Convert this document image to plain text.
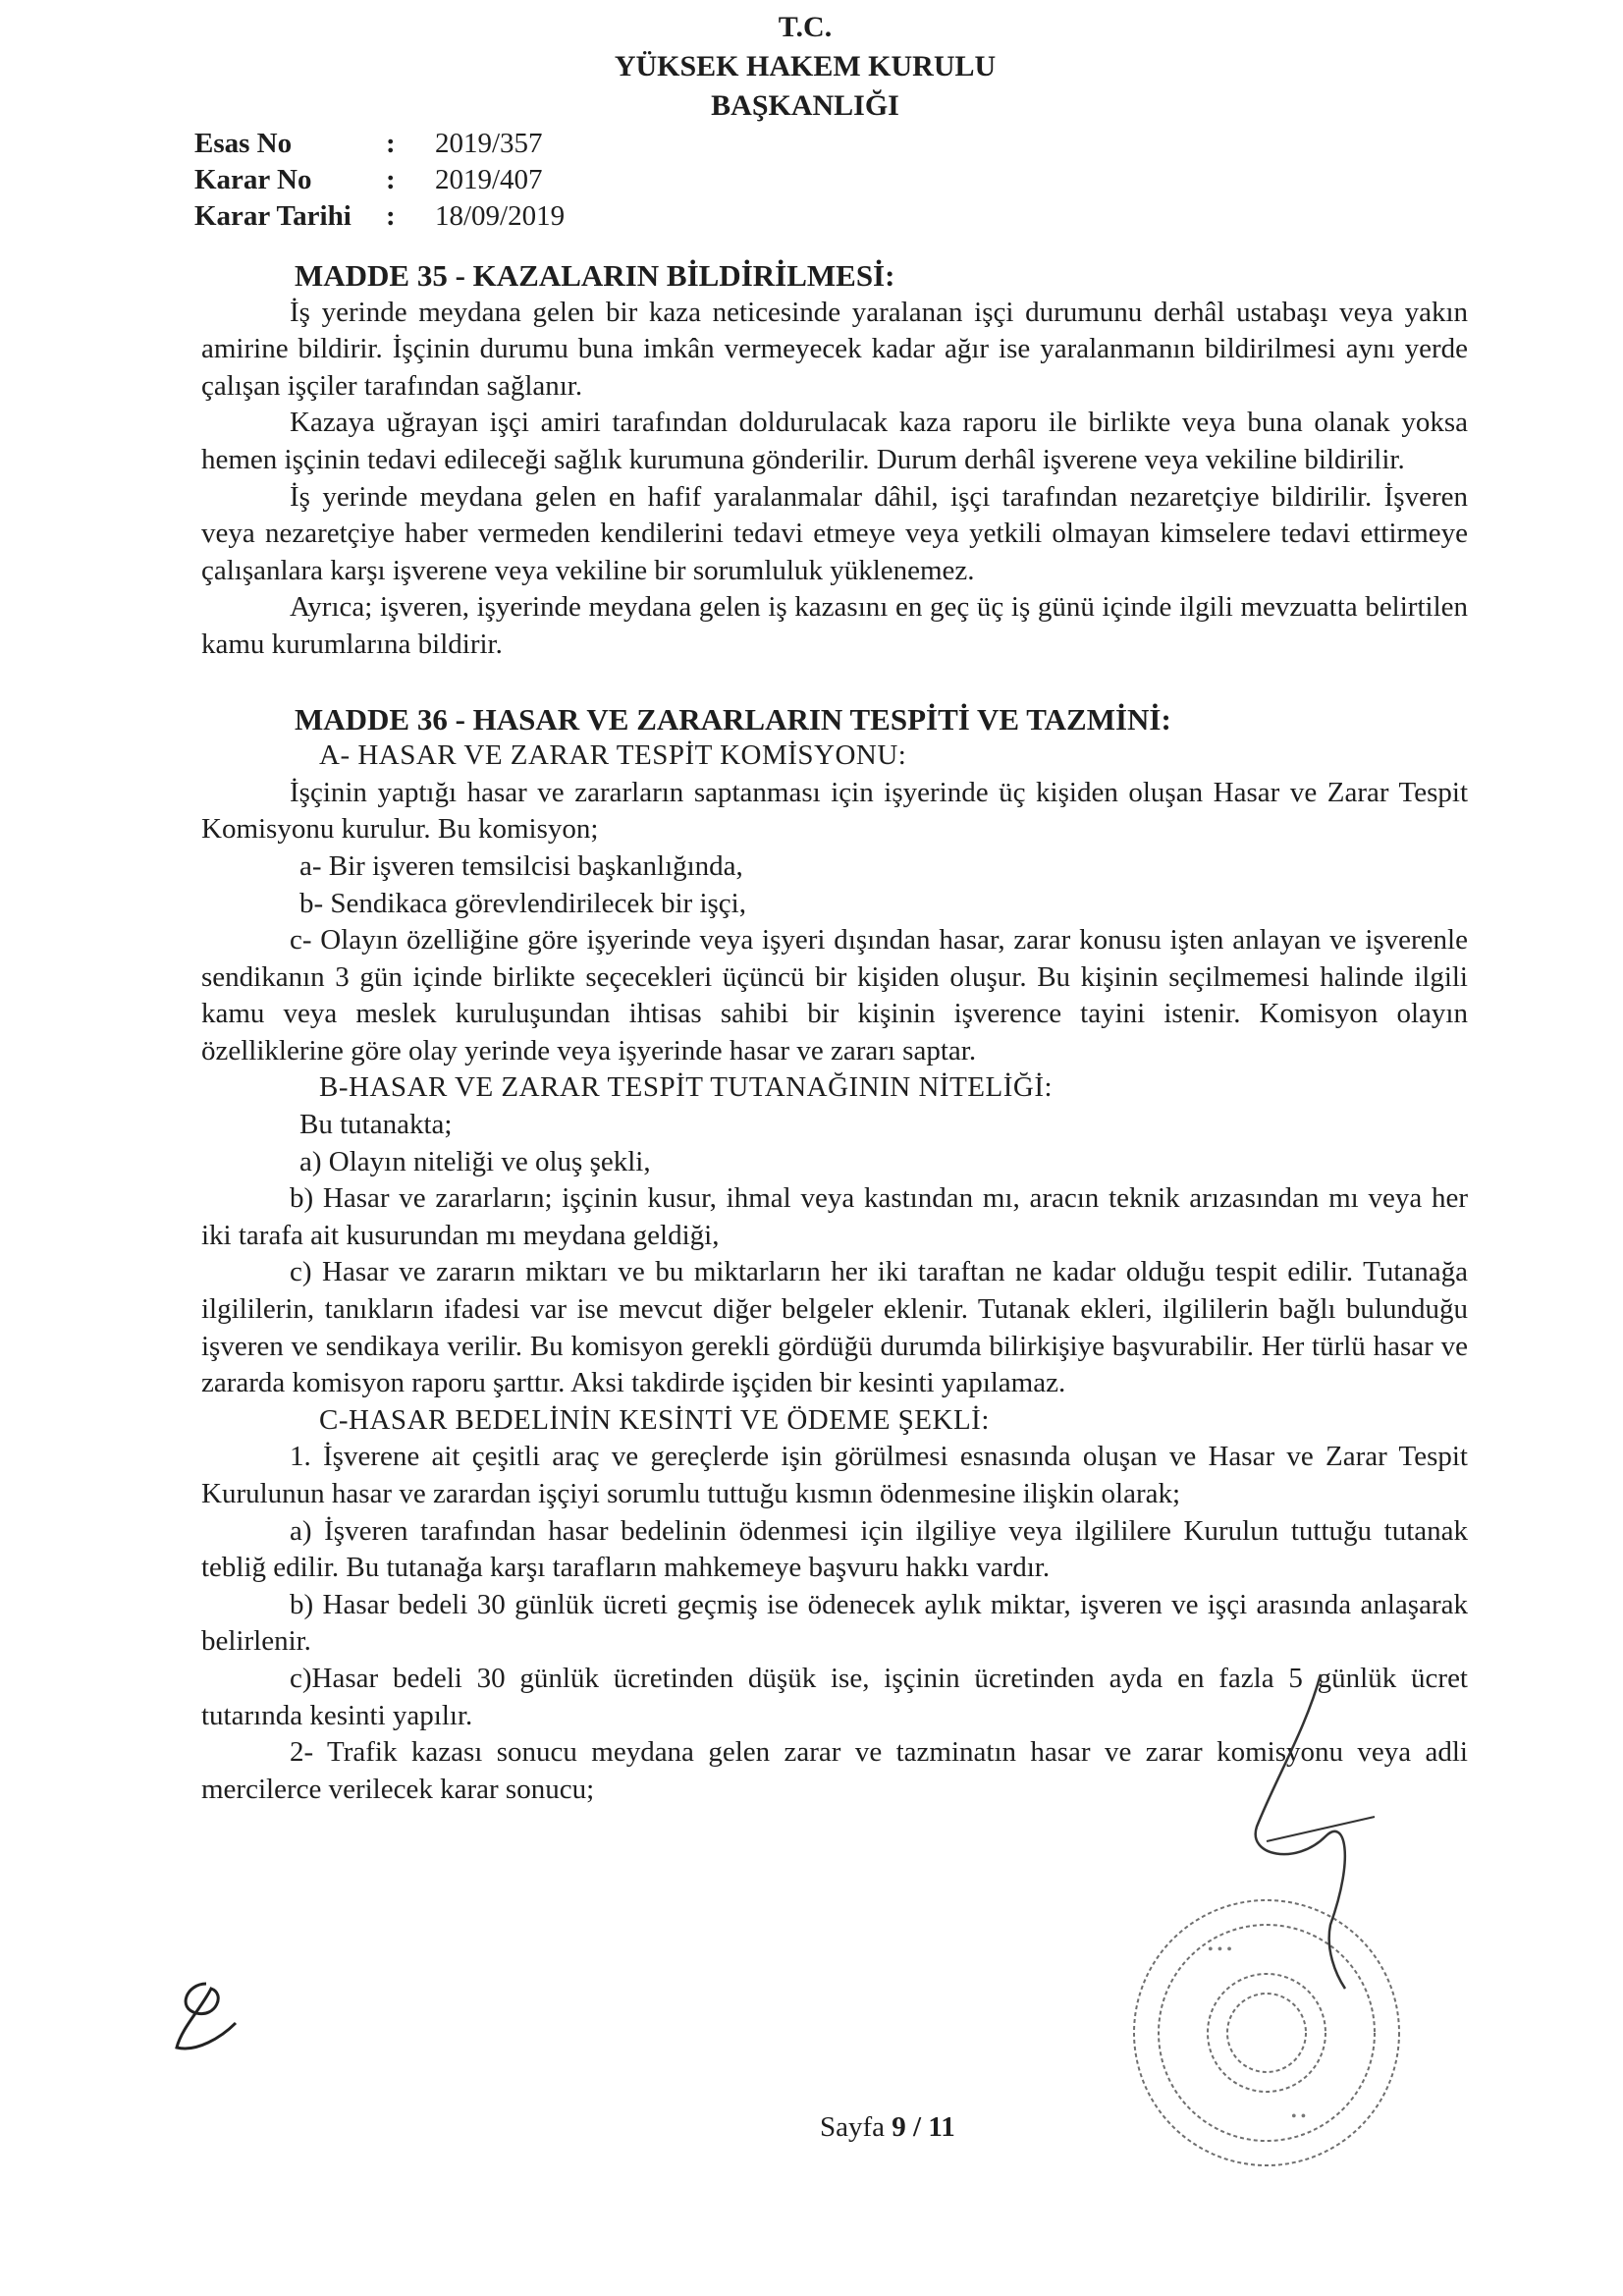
T.C.
YÜKSEK HAKEM KURULU
BAŞKANLIĞI
Esas No	:	2019/357
Karar No	:	2019/407
Karar Tarihi	:	18/09/2019

MADDE 35 - KAZALARIN BİLDİRİLMESİ:

İş yerinde meydana gelen bir kaza neticesinde yaralanan işçi durumunu derhâl ustabaşı veya yakın amirine bildirir. İşçinin durumu buna imkân vermeyecek kadar ağır ise yaralanmanın bildirilmesi aynı yerde çalışan işçiler tarafından sağlanır.

Kazaya uğrayan işçi amiri tarafından doldurulacak kaza raporu ile birlikte veya buna olanak yoksa hemen işçinin tedavi edileceği sağlık kurumuna gönderilir. Durum derhâl işverene veya vekiline bildirilir.

İş yerinde meydana gelen en hafif yaralanmalar dâhil, işçi tarafından nezaretçiye bildirilir. İşveren veya nezaretçiye haber vermeden kendilerini tedavi etmeye veya yetkili olmayan kimselere tedavi ettirmeye çalışanlara karşı işverene veya vekiline bir sorumluluk yüklenemez.

Ayrıca; işveren, işyerinde meydana gelen iş kazasını en geç üç iş günü içinde ilgili mevzuatta belirtilen kamu kurumlarına bildirir.

MADDE 36 - HASAR VE ZARARLARIN TESPİTİ VE TAZMİNİ:

A- HASAR VE ZARAR TESPİT KOMİSYONU:

İşçinin yaptığı hasar ve zararların saptanması için işyerinde üç kişiden oluşan Hasar ve Zarar Tespit Komisyonu kurulur. Bu komisyon;

a- Bir işveren temsilcisi başkanlığında,

b- Sendikaca görevlendirilecek bir işçi,

c- Olayın özelliğine göre işyerinde veya işyeri dışından hasar, zarar konusu işten anlayan ve işverenle sendikanın 3 gün içinde birlikte seçecekleri üçüncü bir kişiden oluşur. Bu kişinin seçilmemesi halinde ilgili kamu veya meslek kuruluşundan ihtisas sahibi bir kişinin işverence tayini istenir. Komisyon olayın özelliklerine göre olay yerinde veya işyerinde hasar ve zararı saptar.

B-HASAR VE ZARAR TESPİT TUTANAĞININ NİTELİĞİ:

Bu tutanakta;

a) Olayın niteliği ve oluş şekli,

b) Hasar ve zararların; işçinin kusur, ihmal veya kastından mı, aracın teknik arızasından mı veya her iki tarafa ait kusurundan mı meydana geldiği,

c) Hasar ve zararın miktarı ve bu miktarların her iki taraftan ne kadar olduğu tespit edilir. Tutanağa ilgililerin, tanıkların ifadesi var ise mevcut diğer belgeler eklenir. Tutanak ekleri, ilgililerin bağlı bulunduğu işveren ve sendikaya verilir. Bu komisyon gerekli gördüğü durumda bilirkişiye başvurabilir. Her türlü hasar ve zararda komisyon raporu şarttır. Aksi takdirde işçiden bir kesinti yapılamaz.

C-HASAR BEDELİNİN KESİNTİ VE ÖDEME ŞEKLİ:

1. İşverene ait çeşitli araç ve gereçlerde işin görülmesi esnasında oluşan ve Hasar ve Zarar Tespit Kurulunun hasar ve zarardan işçiyi sorumlu tuttuğu kısmın ödenmesine ilişkin olarak;

a) İşveren tarafından hasar bedelinin ödenmesi için ilgiliye veya ilgililere Kurulun tuttuğu tutanak tebliğ edilir. Bu tutanağa karşı tarafların mahkemeye başvuru hakkı vardır.

b) Hasar bedeli 30 günlük ücreti geçmiş ise ödenecek aylık miktar, işveren ve işçi arasında anlaşarak belirlenir.

c)Hasar bedeli 30 günlük ücretinden düşük ise, işçinin ücretinden ayda en fazla 5 günlük ücret tutarında kesinti yapılır.

2- Trafik kazası sonucu meydana gelen zarar ve tazminatın hasar ve zarar komisyonu veya adli mercilerce verilecek karar sonucu;

Sayfa 9 / 11
• • •
• •
